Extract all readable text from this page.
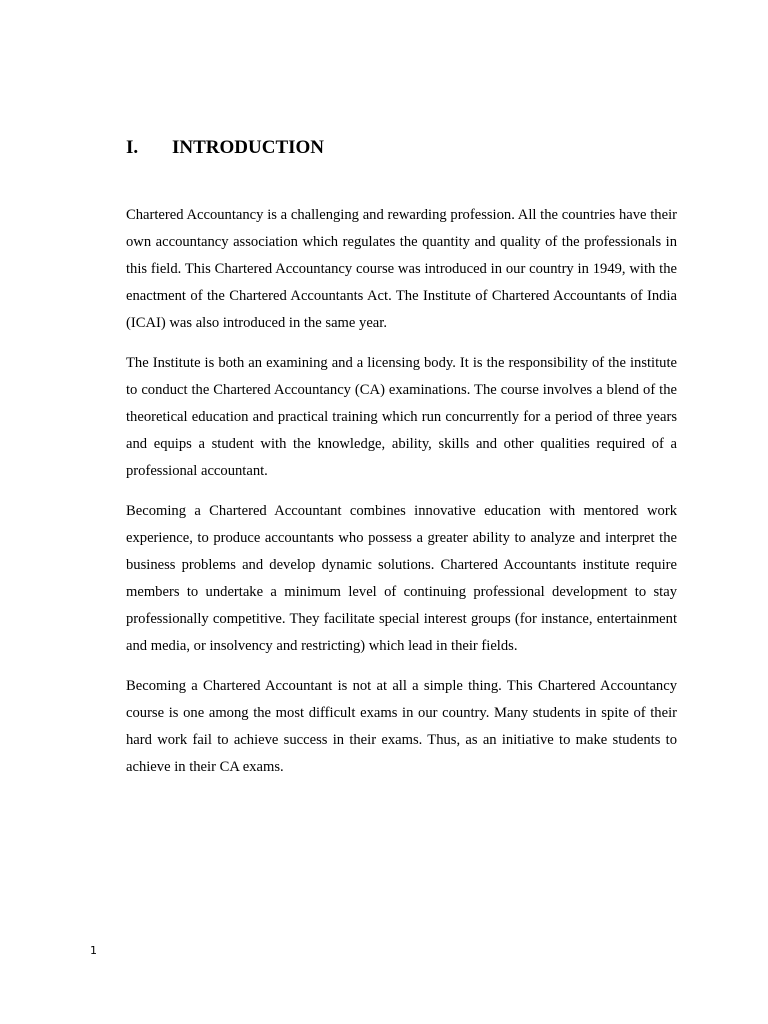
I. INTRODUCTION

Chartered Accountancy is a challenging and rewarding profession. All the countries have their own accountancy association which regulates the quantity and quality of the professionals in this field. This Chartered Accountancy course was introduced in our country in 1949, with the enactment of the Chartered Accountants Act. The Institute of Chartered Accountants of India (ICAI) was also introduced in the same year.

The Institute is both an examining and a licensing body. It is the responsibility of the institute to conduct the Chartered Accountancy (CA) examinations. The course involves a blend of the theoretical education and practical training which run concurrently for a period of three years and equips a student with the knowledge, ability, skills and other qualities required of a professional accountant.

Becoming a Chartered Accountant combines innovative education with mentored work experience, to produce accountants who possess a greater ability to analyze and interpret the business problems and develop dynamic solutions. Chartered Accountants institute require members to undertake a minimum level of continuing professional development to stay professionally competitive. They facilitate special interest groups (for instance, entertainment and media, or insolvency and restricting) which lead in their fields.

Becoming a Chartered Accountant is not at all a simple thing. This Chartered Accountancy course is one among the most difficult exams in our country. Many students in spite of their hard work fail to achieve success in their exams. Thus, as an initiative to make students to achieve in their CA exams.

1
